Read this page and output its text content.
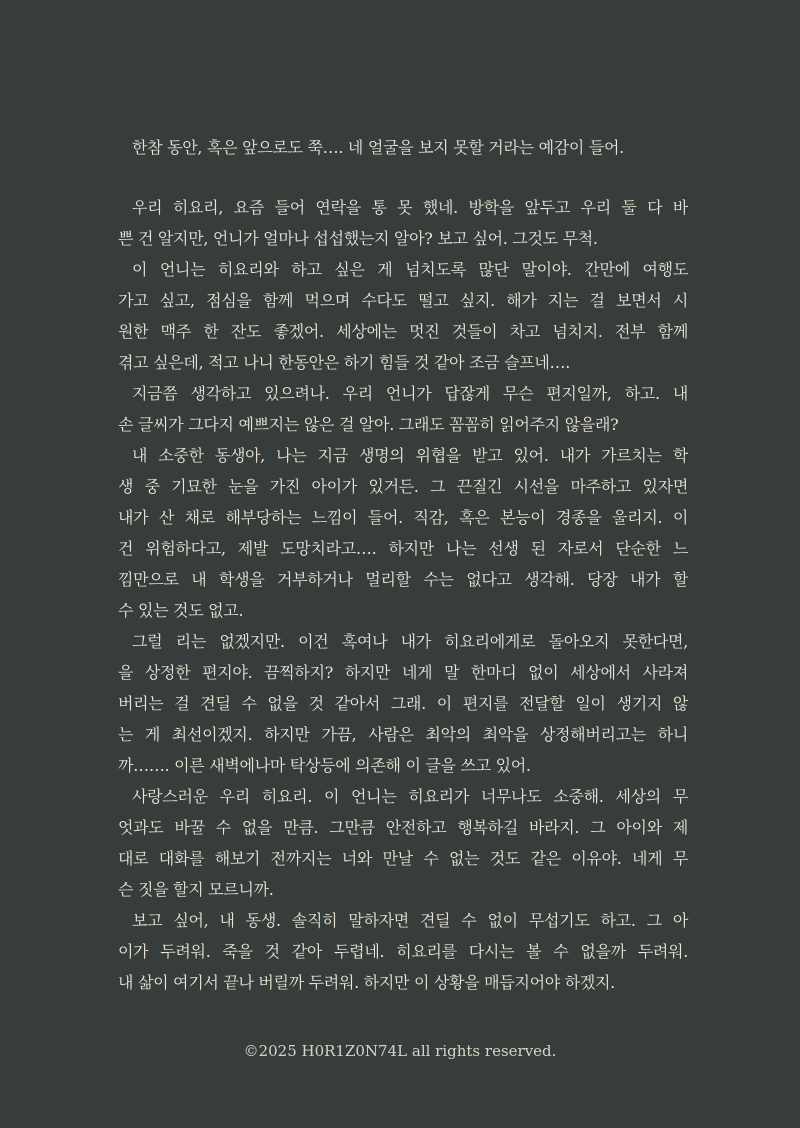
한참 동안, 혹은 앞으로도 쭉…. 네 얼굴을 보지 못할 거라는 예감이 들어.
우리 히요리, 요즘 들어 연락을 통 못 했네. 방학을 앞두고 우리 둘 다 바
쁜 건 알지만, 언니가 얼마나 섭섭했는지 알아? 보고 싶어. 그것도 무척.
이 언니는 히요리와 하고 싶은 게 넘치도록 많단 말이야. 간만에 여행도
가고 싶고, 점심을 함께 먹으며 수다도 떨고 싶지. 해가 지는 걸 보면서 시
원한 맥주 한 잔도 좋겠어. 세상에는 멋진 것들이 차고 넘치지. 전부 함께
겪고 싶은데, 적고 나니 한동안은 하기 힘들 것 같아 조금 슬프네….
지금쯤 생각하고 있으려나. 우리 언니가 답잖게 무슨 편지일까, 하고. 내
손 글씨가 그다지 예쁘지는 않은 걸 알아. 그래도 꼼꼼히 읽어주지 않을래?
내 소중한 동생아, 나는 지금 생명의 위협을 받고 있어. 내가 가르치는 학
생 중 기묘한 눈을 가진 아이가 있거든. 그 끈질긴 시선을 마주하고 있자면
내가 산 채로 해부당하는 느낌이 들어. 직감, 혹은 본능이 경종을 울리지. 이
건 위험하다고, 제발 도망치라고…. 하지만 나는 선생 된 자로서 단순한 느
낌만으로 내 학생을 거부하거나 멀리할 수는 없다고 생각해. 당장 내가 할
수 있는 것도 없고.
그럴 리는 없겠지만. 이건 혹여나 내가 히요리에게로 돌아오지 못한다면,
을 상정한 편지야. 끔찍하지? 하지만 네게 말 한마디 없이 세상에서 사라져
버리는 걸 견딜 수 없을 것 같아서 그래. 이 편지를 전달할 일이 생기지 않
는 게 최선이겠지. 하지만 가끔, 사람은 최악의 최악을 상정해버리고는 하니
까……. 이른 새벽에나마 탁상등에 의존해 이 글을 쓰고 있어.
사랑스러운 우리 히요리. 이 언니는 히요리가 너무나도 소중해. 세상의 무
엇과도 바꿀 수 없을 만큼. 그만큼 안전하고 행복하길 바라지. 그 아이와 제
대로 대화를 해보기 전까지는 너와 만날 수 없는 것도 같은 이유야. 네게 무
슨 짓을 할지 모르니까.
보고 싶어, 내 동생. 솔직히 말하자면 견딜 수 없이 무섭기도 하고. 그 아
이가 두려워. 죽을 것 같아 두렵네. 히요리를 다시는 볼 수 없을까 두려워.
내 삶이 여기서 끝나 버릴까 두려워. 하지만 이 상황을 매듭지어야 하겠지.
©2025 H0R1Z0N74L all rights reserved.
